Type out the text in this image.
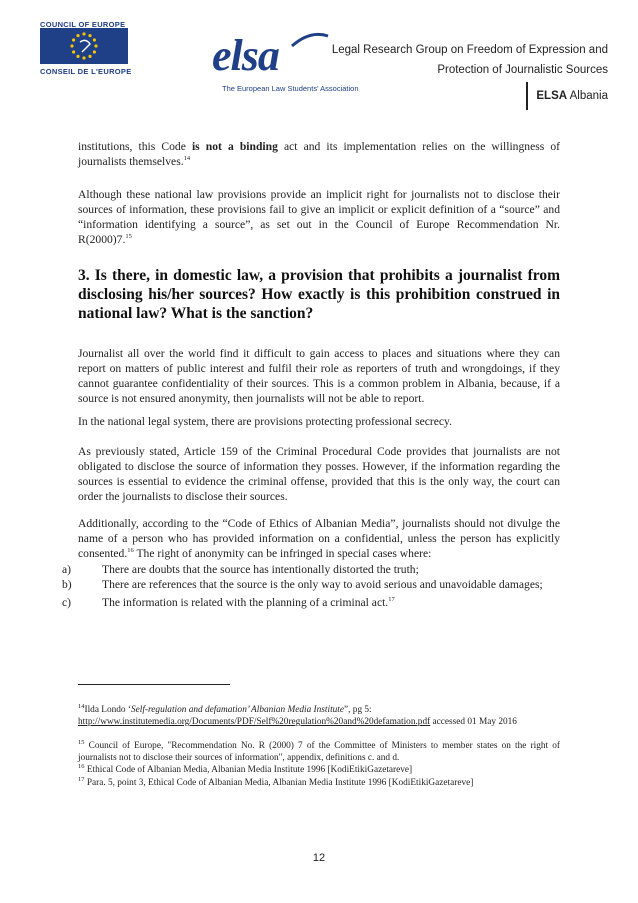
COUNCIL OF EUROPE
CONSEIL DE L'EUROPE elsa
The European Law Students' Association
Legal Research Group on Freedom of Expression and
Protection of Journalistic Sources
ELSA Albania

institutions, this Code is not a binding act and its implementation relies on the willingness of journalists themselves.$^{14}$

Although these national law provisions provide an implicit right for journalists not to disclose their sources of information, these provisions fail to give an implicit or explicit definition of a “source” and “information identifying a source”, as set out in the Council of Europe Recommendation Nr. R(2000)7.15

3. Is there, in domestic law, a provision that prohibits a journalist from disclosing his/her sources? How exactly is this prohibition construed in national law? What is the sanction?

Journalist all over the world find it difficult to gain access to places and situations where they can report on matters of public interest and fulfil their role as reporters of truth and wrongdoings, if they cannot guarantee confidentiality of their sources. This is a common problem in Albania, because, if a source is not ensured anonymity, then journalists will not be able to report.

In the national legal system, there are provisions protecting professional secrecy.

As previously stated, Article 159 of the Criminal Procedural Code provides that journalists are not obligated to disclose the source of information they posses. However, if the information regarding the sources is essential to evidence the criminal offense, provided that this is the only way, the court can order the journalists to disclose their sources.

Additionally, according to the “Code of Ethics of Albanian Media”, journalists should not divulge the name of a person who has provided information on a confidential, unless the person has explicitly consented.$^{16}$ The right of anonymity can be infringed in special cases where:

a)	There are doubts that the source has intentionally distorted the truth;
b)	There are references that the source is the only way to avoid serious and unavoidable damages;
c)	The information is related with the planning of a criminal act.$^{17}$

$^{14}$Ilda Londo ‘Self-regulation and defamation’ Albanian Media Institute”, pg 5:
http://www.institutemedia.org/Documents/PDF/Self%20regulation%20and%20defamation.pdf accessed 01 May 2016

$^{15}$ Council of Europe, "Recommendation No. R (2000) 7 of the Committee of Ministers to member states on the right of journalists not to disclose their sources of information", appendix, definitions c. and d.

$^{16}$ Ethical Code of Albanian Media, Albanian Media Institute 1996 [KodiEtikiGazetareve]

$^{17}$ Para. 5, point 3, Ethical Code of Albanian Media, Albanian Media Institute 1996 [KodiEtikiGazetareve]

12
